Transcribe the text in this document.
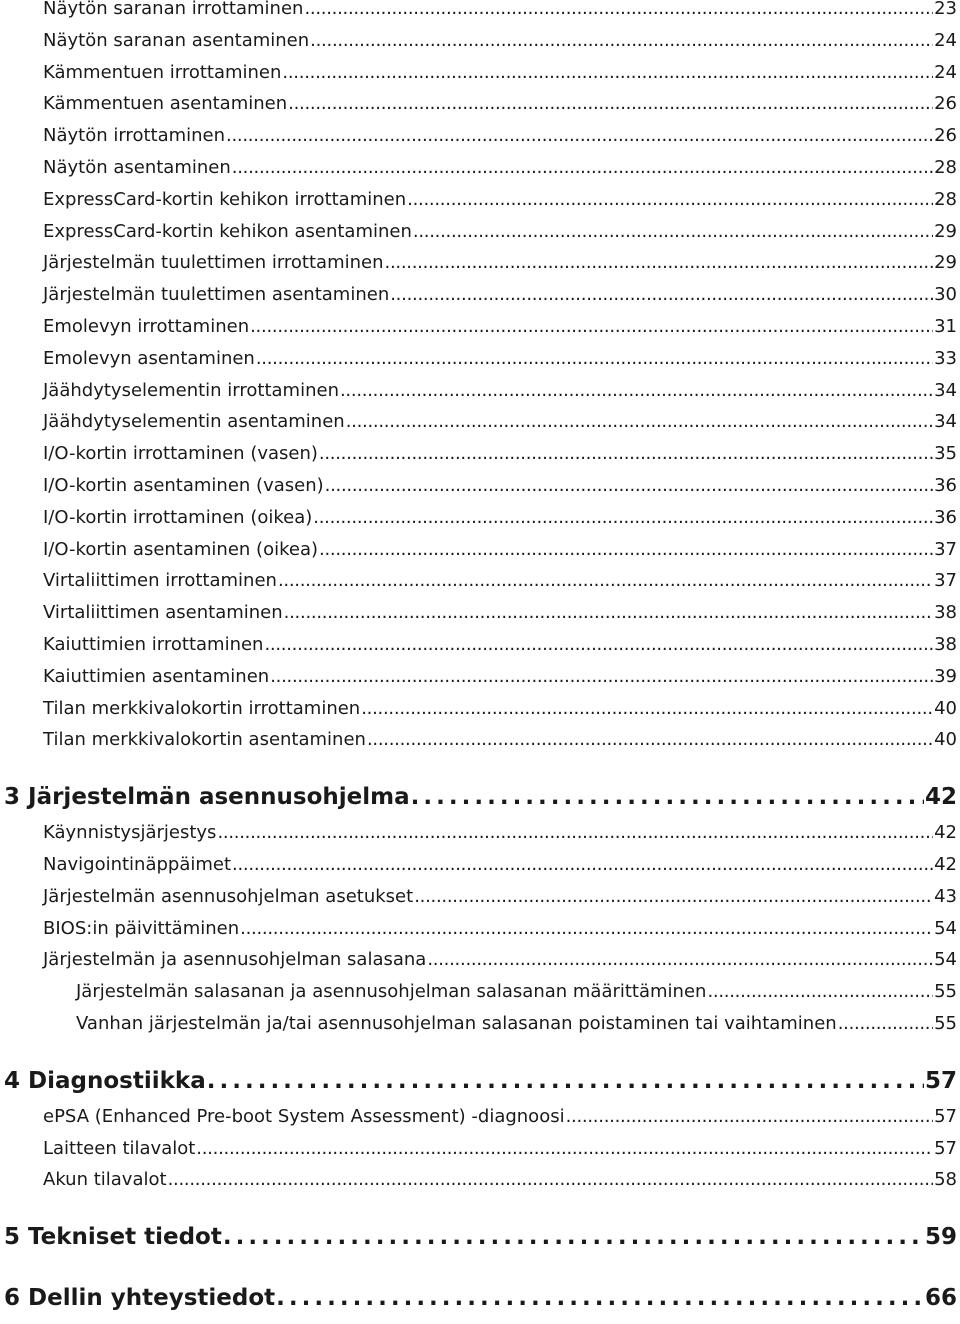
Näytön saranan irrottaminen . . .	23
Näytön saranan asentaminen . . .	24
Kämmentuen irrottaminen . . .	24
Kämmentuen asentaminen . . .	26
Näytön irrottaminen . . .	26
Näytön asentaminen . . .	28
ExpressCard-kortin kehikon irrottaminen . . .	28
ExpressCard-kortin kehikon asentaminen . . .	29
Järjestelmän tuulettimen irrottaminen . . .	29
Järjestelmän tuulettimen asentaminen . . .	30
Emolevyn irrottaminen . . .	31
Emolevyn asentaminen . . .	33
Jäähdytyselementin irrottaminen . . .	34
Jäähdytyselementin asentaminen . . .	34
I/O-kortin irrottaminen (vasen) . . .	35
I/O-kortin asentaminen (vasen) . . .	36
I/O-kortin irrottaminen (oikea) . . .	36
I/O-kortin asentaminen (oikea) . . .	37
Virtaliittimen irrottaminen . . .	37
Virtaliittimen asentaminen . . .	38
Kaiuttimien irrottaminen . . .	38
Kaiuttimien asentaminen . . .	39
Tilan merkkivalokortin irrottaminen . . .	40
Tilan merkkivalokortin asentaminen . . .	40
3 Järjestelmän asennusohjelma . . .	42
Käynnistysjärjestys . . .	42
Navigointinäppäimet . . .	42
Järjestelmän asennusohjelman asetukset . . .	43
BIOS:in päivittäminen . . .	54
Järjestelmän ja asennusohjelman salasana . . .	54
Järjestelmän salasanan ja asennusohjelman salasanan määrittäminen . . .	55
Vanhan järjestelmän ja/tai asennusohjelman salasanan poistaminen tai vaihtaminen . . .	55
4 Diagnostiikka . . .	57
ePSA (Enhanced Pre-boot System Assessment) -diagnoosi . . .	57
Laitteen tilavalot . . .	57
Akun tilavalot . . .	58
5 Tekniset tiedot . . .	59
6 Dellin yhteystiedot . . .	66
